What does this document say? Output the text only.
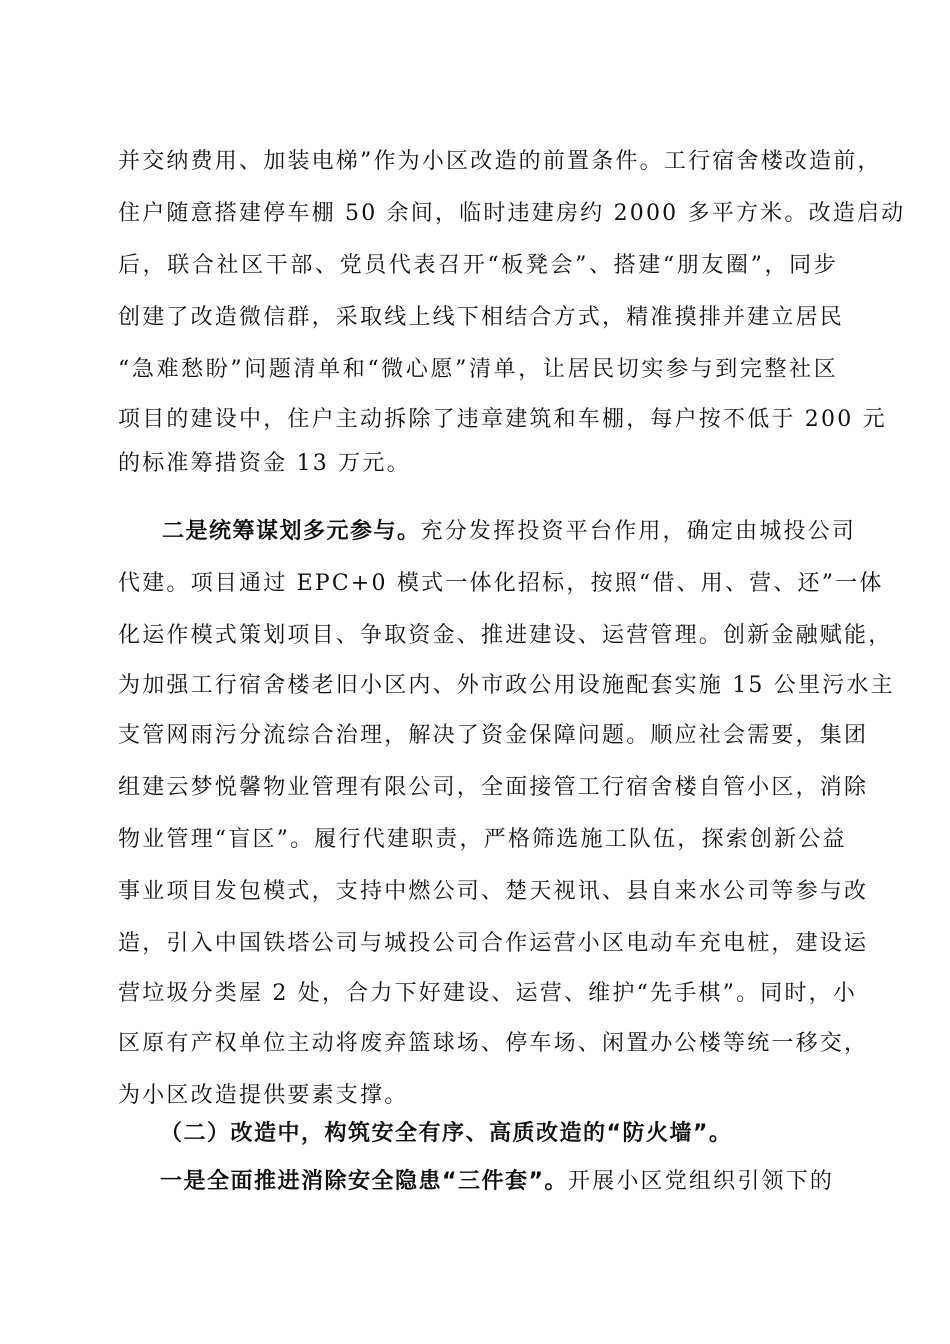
并交纳费用、加装电梯”作为小区改造的前置条件。工行宿舍楼改造前，
住户随意搭建停车棚 50 余间，临时违建房约 2000 多平方米。改造启动
后，联合社区干部、党员代表召开“板凳会”、搭建“朋友圈”，同步
创建了改造微信群，采取线上线下相结合方式，精准摸排并建立居民
“急难愁盼”问题清单和“微心愿”清单，让居民切实参与到完整社区
项目的建设中，住户主动拆除了违章建筑和车棚，每户按不低于 200 元
的标准筹措资金 13 万元。
二是统筹谋划多元参与。充分发挥投资平台作用，确定由城投公司
代建。项目通过 EPC+0 模式一体化招标，按照“借、用、营、还”一体
化运作模式策划项目、争取资金、推进建设、运营管理。创新金融赋能，
为加强工行宿舍楼老旧小区内、外市政公用设施配套实施 15 公里污水主
支管网雨污分流综合治理，解决了资金保障问题。顺应社会需要，集团
组建云梦悦馨物业管理有限公司，全面接管工行宿舍楼自管小区，消除
物业管理“盲区”。履行代建职责，严格筛选施工队伍，探索创新公益
事业项目发包模式，支持中燃公司、楚天视讯、县自来水公司等参与改
造，引入中国铁塔公司与城投公司合作运营小区电动车充电桩，建设运
营垃圾分类屋 2 处，合力下好建设、运营、维护“先手棋”。同时，小
区原有产权单位主动将废弃篮球场、停车场、闲置办公楼等统一移交，
为小区改造提供要素支撑。
（二）改造中，构筑安全有序、高质改造的“防火墙”。
一是全面推进消除安全隐患“三件套”。开展小区党组织引领下的
